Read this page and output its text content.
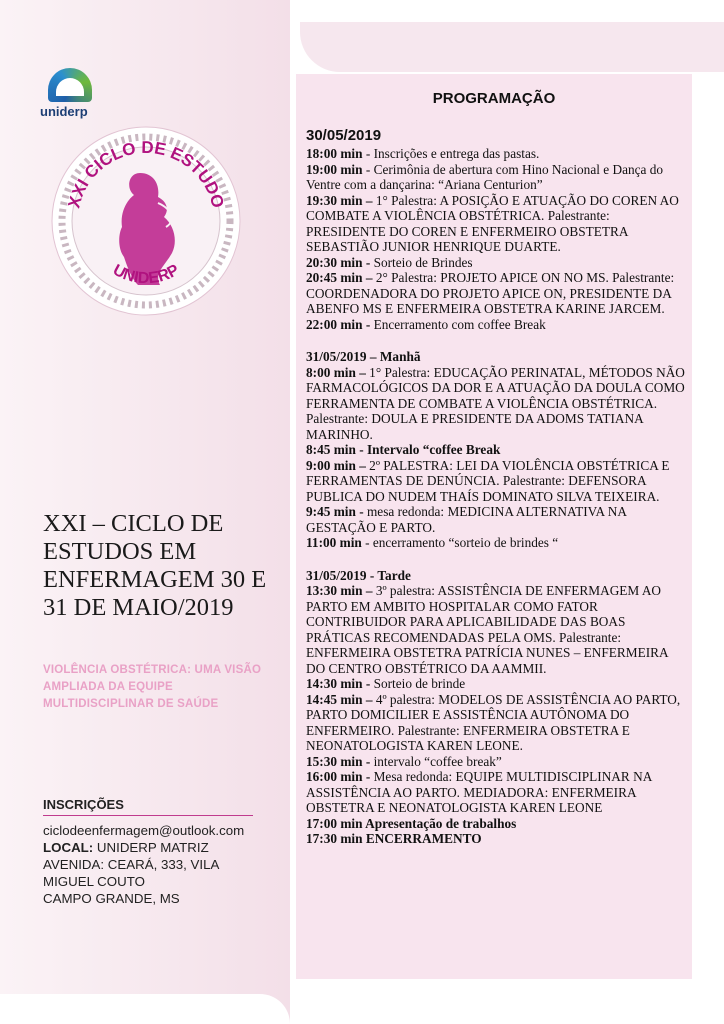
uniderp
XXI CICLO DE ESTUDO
UNIDERP
XXI – CICLO DE ESTUDOS EM ENFERMAGEM 30 E 31 DE MAIO/2019
VIOLÊNCIA OBSTÉTRICA: UMA VISÃO AMPLIADA DA EQUIPE MULTIDISCIPLINAR DE SAÚDE
INSCRIÇÕES
ciclodeenfermagem@outlook.com
LOCAL: UNIDERP MATRIZ AVENIDA: CEARÁ, 333, VILA MIGUEL COUTO
CAMPO GRANDE, MS
PROGRAMAÇÃO

30/05/2019

18:00 min - Inscrições e entrega das pastas.

19:00 min - Cerimônia de abertura com Hino Nacional e Dança do Ventre com a dançarina: “Ariana Centurion”

19:30 min – 1° Palestra: A POSIÇÃO E ATUAÇÃO DO COREN AO COMBATE A VIOLÊNCIA OBSTÉTRICA. Palestrante: PRESIDENTE DO COREN E ENFERMEIRO OBSTETRA SEBASTIÃO JUNIOR HENRIQUE DUARTE.

20:30 min - Sorteio de Brindes

20:45 min – 2° Palestra: PROJETO APICE ON NO MS. Palestrante: COORDENADORA DO PROJETO APICE ON, PRESIDENTE DA ABENFO MS E ENFERMEIRA OBSTETRA KARINE JARCEM.

22:00 min - Encerramento com coffee Break

31/05/2019 – Manhã

8:00 min – 1° Palestra: EDUCAÇÃO PERINATAL, MÉTODOS NÃO FARMACOLÓGICOS DA DOR E A ATUAÇÃO DA DOULA COMO FERRAMENTA DE COMBATE A VIOLÊNCIA OBSTÉTRICA. Palestrante: DOULA E PRESIDENTE DA ADOMS TATIANA MARINHO.

8:45 min - Intervalo “coffee Break

9:00 min – 2º PALESTRA: LEI DA VIOLÊNCIA OBSTÉTRICA E FERRAMENTAS DE DENÚNCIA. Palestrante: DEFENSORA PUBLICA DO NUDEM THAÍS DOMINATO SILVA TEIXEIRA.

9:45 min - mesa redonda: MEDICINA ALTERNATIVA NA GESTAÇÃO E PARTO.

11:00 min - encerramento “sorteio de brindes “

31/05/2019 - Tarde

13:30 min – 3º palestra: ASSISTÊNCIA DE ENFERMAGEM AO PARTO EM AMBITO HOSPITALAR COMO FATOR CONTRIBUIDOR PARA APLICABILIDADE DAS BOAS PRÁTICAS RECOMENDADAS PELA OMS. Palestrante: ENFERMEIRA OBSTETRA PATRÍCIA NUNES – ENFERMEIRA DO CENTRO OBSTÉTRICO DA AAMMII.

14:30 min - Sorteio de brinde

14:45 min – 4º palestra: MODELOS DE ASSISTÊNCIA AO PARTO, PARTO DOMICILIER E ASSISTÊNCIA AUTÔNOMA DO ENFERMEIRO. Palestrante: ENFERMEIRA OBSTETRA E NEONATOLOGISTA KAREN LEONE.

15:30 min - intervalo “coffee break”

16:00 min - Mesa redonda: EQUIPE MULTIDISCIPLINAR NA ASSISTÊNCIA AO PARTO. MEDIADORA: ENFERMEIRA OBSTETRA E NEONATOLOGISTA KAREN LEONE

17:00 min Apresentação de trabalhos

17:30 min ENCERRAMENTO
